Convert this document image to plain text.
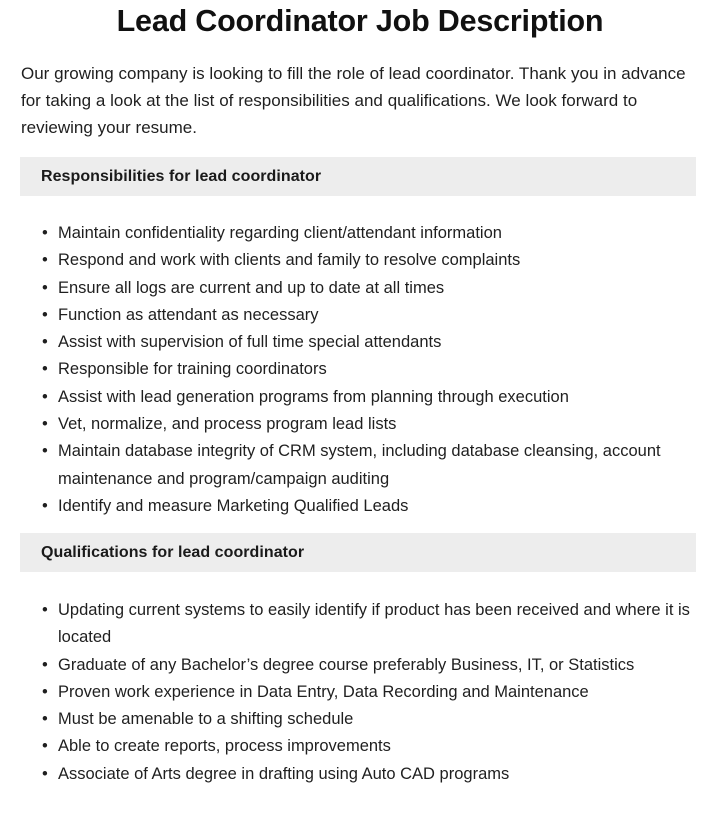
Lead Coordinator Job Description

Our growing company is looking to fill the role of lead coordinator. Thank you in advance for taking a look at the list of responsibilities and qualifications. We look forward to reviewing your resume.

Responsibilities for lead coordinator
• Maintain confidentiality regarding client/attendant information
• Respond and work with clients and family to resolve complaints
• Ensure all logs are current and up to date at all times
• Function as attendant as necessary
• Assist with supervision of full time special attendants
• Responsible for training coordinators
• Assist with lead generation programs from planning through execution
• Vet, normalize, and process program lead lists
• Maintain database integrity of CRM system, including database cleansing, account maintenance and program/campaign auditing
• Identify and measure Marketing Qualified Leads
Qualifications for lead coordinator
• Updating current systems to easily identify if product has been received and where it is located
• Graduate of any Bachelor’s degree course preferably Business, IT, or Statistics
• Proven work experience in Data Entry, Data Recording and Maintenance
• Must be amenable to a shifting schedule
• Able to create reports, process improvements
• Associate of Arts degree in drafting using Auto CAD programs
